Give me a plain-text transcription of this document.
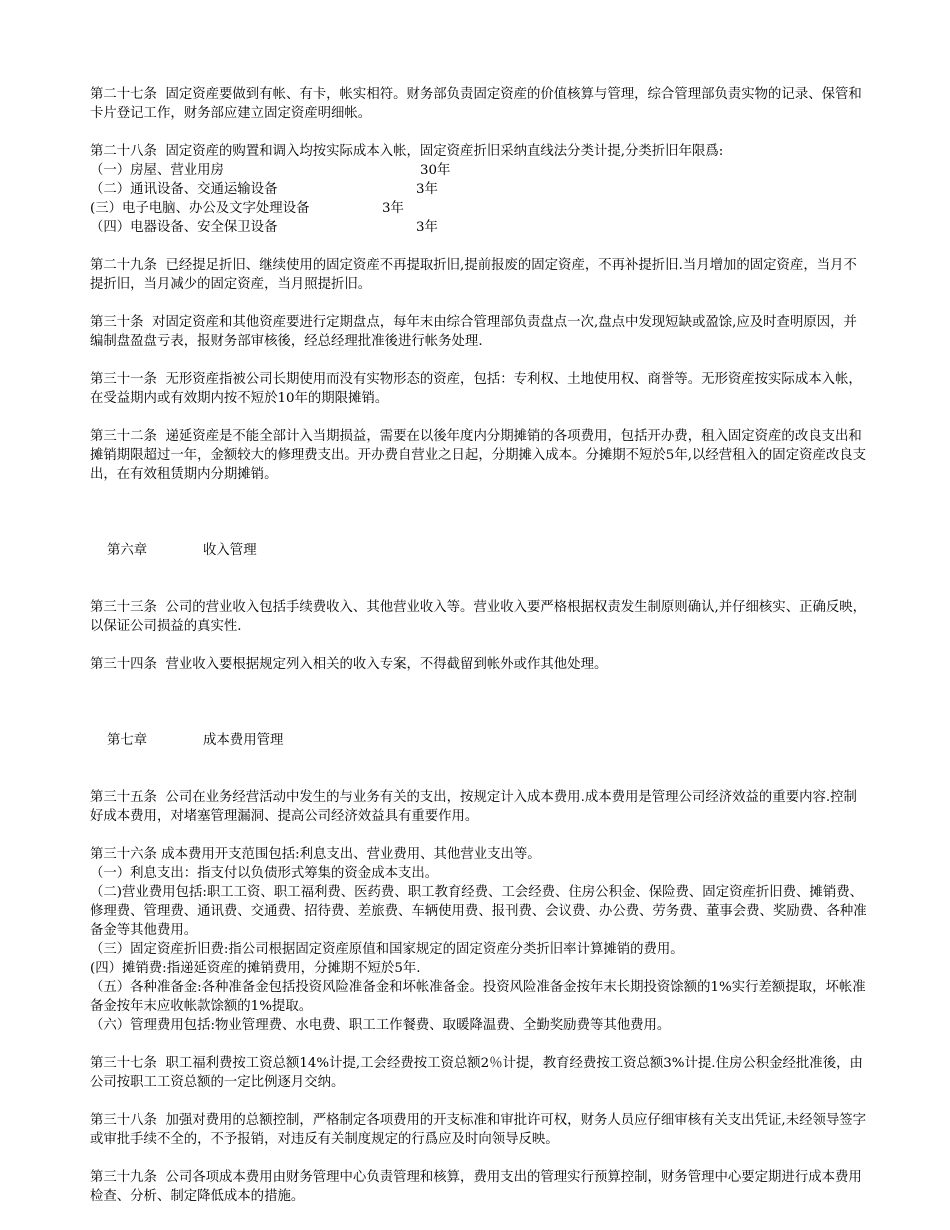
第二十七条  固定资産要做到有帐、有卡，帐实相符。财务部负责固定资産的价值核算与管理，综合管理部负责实物的记录、保管和卡片登记工作，财务部应建立固定资産明细帐。

第二十八条  固定资産的购置和调入均按实际成本入帐，固定资産折旧采纳直线法分类计提,分类折旧年限爲:
（一）房屋、营业用房	30年
（二）通讯设备、交通运输设备	3年
(三）电子电脑、办公及文字处理设备	3年
（四）电器设备、安全保卫设备	3年

第二十九条  已经提足折旧、继续使用的固定资産不再提取折旧,提前报废的固定资産，不再补提折旧.当月增加的固定资産，当月不提折旧，当月减少的固定资産，当月照提折旧。

第三十条  对固定资産和其他资産要进行定期盘点，每年末由综合管理部负责盘点一次,盘点中发现短缺或盈馀,应及时查明原因，并编制盘盈盘亏表，报财务部审核後，经总经理批准後进行帐务处理.

第三十一条  无形资産指被公司长期使用而没有实物形态的资産，包括：专利权、土地使用权、商誉等。无形资産按实际成本入帐，在受益期内或有效期内按不短於10年的期限摊销。

第三十二条  递延资産是不能全部计入当期损益，需要在以後年度内分期摊销的各项费用，包括开办费，租入固定资産的改良支出和摊销期限超过一年，金额较大的修理费支出。开办费自营业之日起，分期摊入成本。分摊期不短於5年,以经营租入的固定资産改良支出，在有效租赁期内分期摊销。

第六章	收入管理

第三十三条  公司的营业收入包括手续费收入、其他营业收入等。营业收入要严格根据权责发生制原则确认,并仔细核实、正确反映，以保证公司损益的真实性.

第三十四条  营业收入要根据规定列入相关的收入专案，不得截留到帐外或作其他处理。

第七章	成本费用管理

第三十五条  公司在业务经营活动中发生的与业务有关的支出，按规定计入成本费用.成本费用是管理公司经济效益的重要内容.控制好成本费用，对堵塞管理漏洞、提高公司经济效益具有重要作用。

第三十六条 成本费用开支范围包括:利息支出、营业费用、其他营业支出等。
（一）利息支出：指支付以负债形式筹集的资金成本支出。
（二)营业费用包括:职工工资、职工福利费、医药费、职工教育经费、工会经费、住房公积金、保险费、固定资産折旧费、摊销费、修理费、管理费、通讯费、交通费、招待费、差旅费、车辆使用费、报刊费、会议费、办公费、劳务费、董事会费、奖励费、各种准备金等其他费用。
（三）固定资産折旧费:指公司根据固定资産原值和国家规定的固定资産分类折旧率计算摊销的费用。
(四）摊销费:指递延资産的摊销费用，分摊期不短於5年.
（五）各种准备金:各种准备金包括投资风险准备金和坏帐准备金。投资风险准备金按年末长期投资馀额的1%实行差额提取，坏帐准备金按年末应收帐款馀额的1%提取。
（六）管理费用包括:物业管理费、水电费、职工工作餐费、取暖降温费、全勤奖励费等其他费用。

第三十七条  职工福利费按工资总额14%计提,工会经费按工资总额2％计提，教育经费按工资总额3%计提.住房公积金经批准後，由公司按职工工资总额的一定比例逐月交纳。

第三十八条  加强对费用的总额控制，严格制定各项费用的开支标准和审批许可权，财务人员应仔细审核有关支出凭证,未经领导签字或审批手续不全的，不予报销，对违反有关制度规定的行爲应及时向领导反映。

第三十九条  公司各项成本费用由财务管理中心负责管理和核算，费用支出的管理实行预算控制，财务管理中心要定期进行成本费用检查、分析、制定降低成本的措施。
